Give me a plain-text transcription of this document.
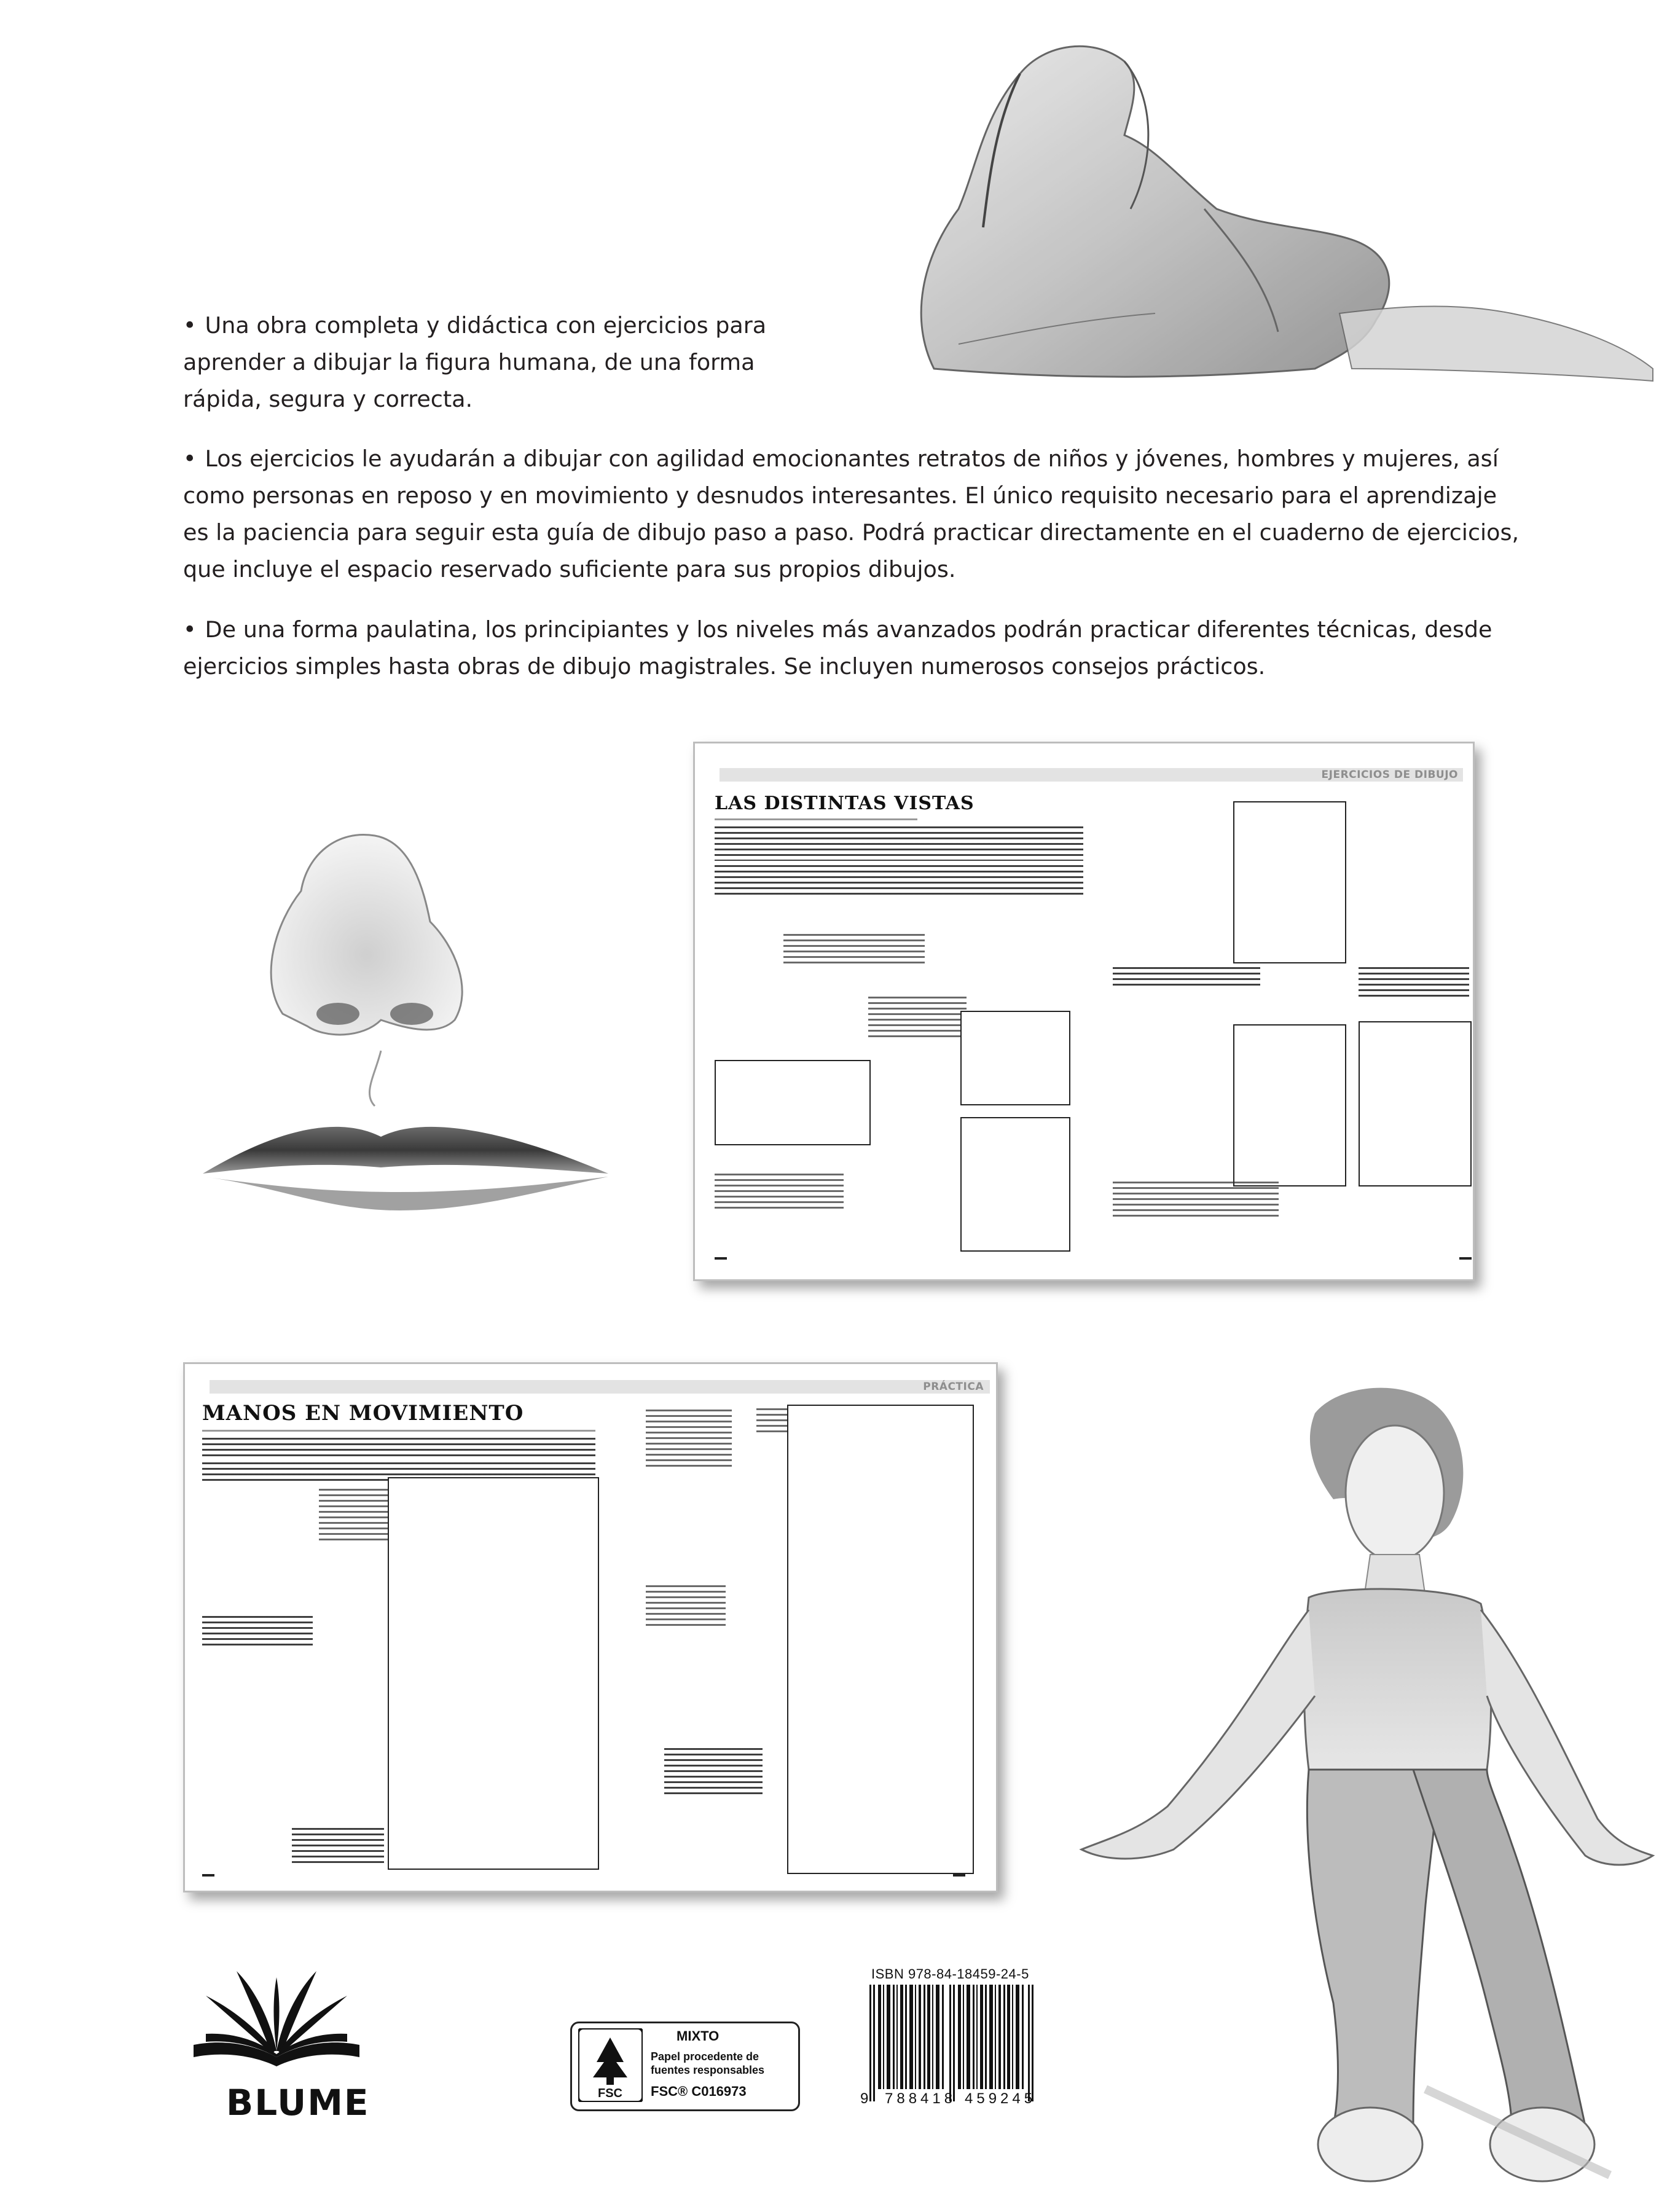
• Una obra completa y didáctica con ejercicios para
aprender a dibujar la figura humana, de una forma
rápida, segura y correcta.
• Los ejercicios le ayudarán a dibujar con agilidad emocionantes retratos de niños y jóvenes, hombres y mujeres, así
como personas en reposo y en movimiento y desnudos interesantes. El único requisito necesario para el aprendizaje
es la paciencia para seguir esta guía de dibujo paso a paso. Podrá practicar directamente en el cuaderno de ejercicios,
que incluye el espacio reservado suficiente para sus propios dibujos.
• De una forma paulatina, los principiantes y los niveles más avanzados podrán practicar diferentes técnicas, desde
ejercicios simples hasta obras de dibujo magistrales. Se incluyen numerosos consejos prácticos.
EJERCICIOS DE DIBUJO
LAS DISTINTAS VISTAS
PRÁCTICA
MANOS EN MOVIMIENTO
BLUME	FSC
MIXTO
Papel procedente de
fuentes responsables
FSC® C016973
ISBN 978-84-18459-24-5
9 788418 459245
